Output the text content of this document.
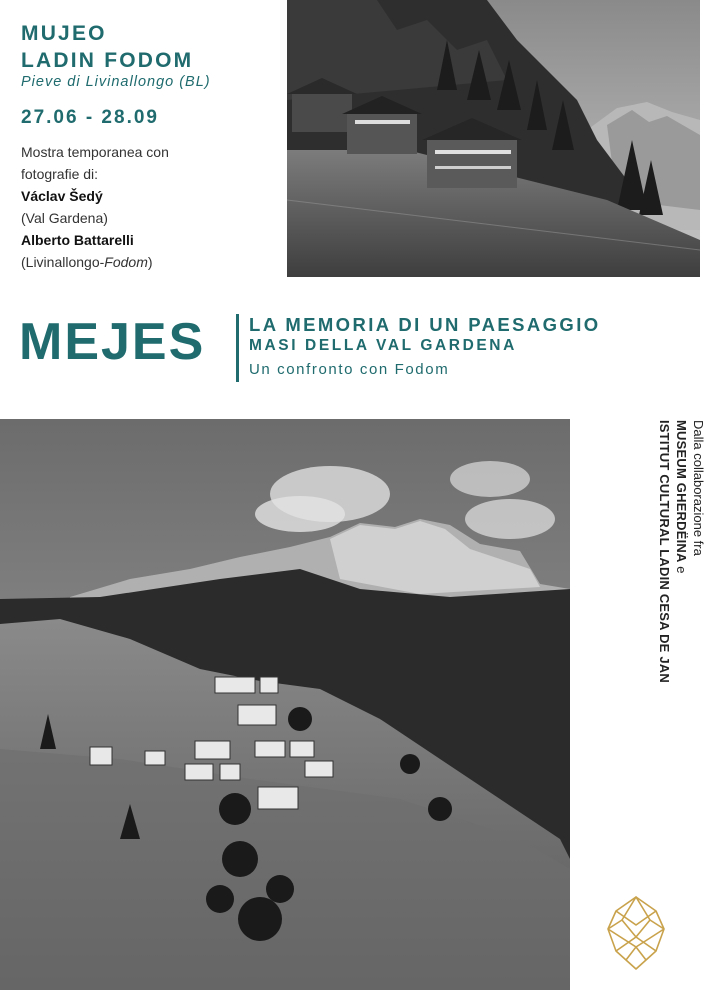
MUJEO
LADIN FODOM
Pieve di Livinallongo (BL)
27.06 - 28.09
Mostra temporanea con
fotografie di:
Václav Šedý
(Val Gardena)
Alberto Battarelli
(Livinallongo-Fodom)
MEJES LA MEMORIA DI UN PAESAGGIO
MASI DELLA VAL GARDENA
Un confronto con Fodom
Dalla collaborazione fra
MUSEUM GHERDËINA e
ISTITUT CULTURAL LADIN CESA DE JAN
